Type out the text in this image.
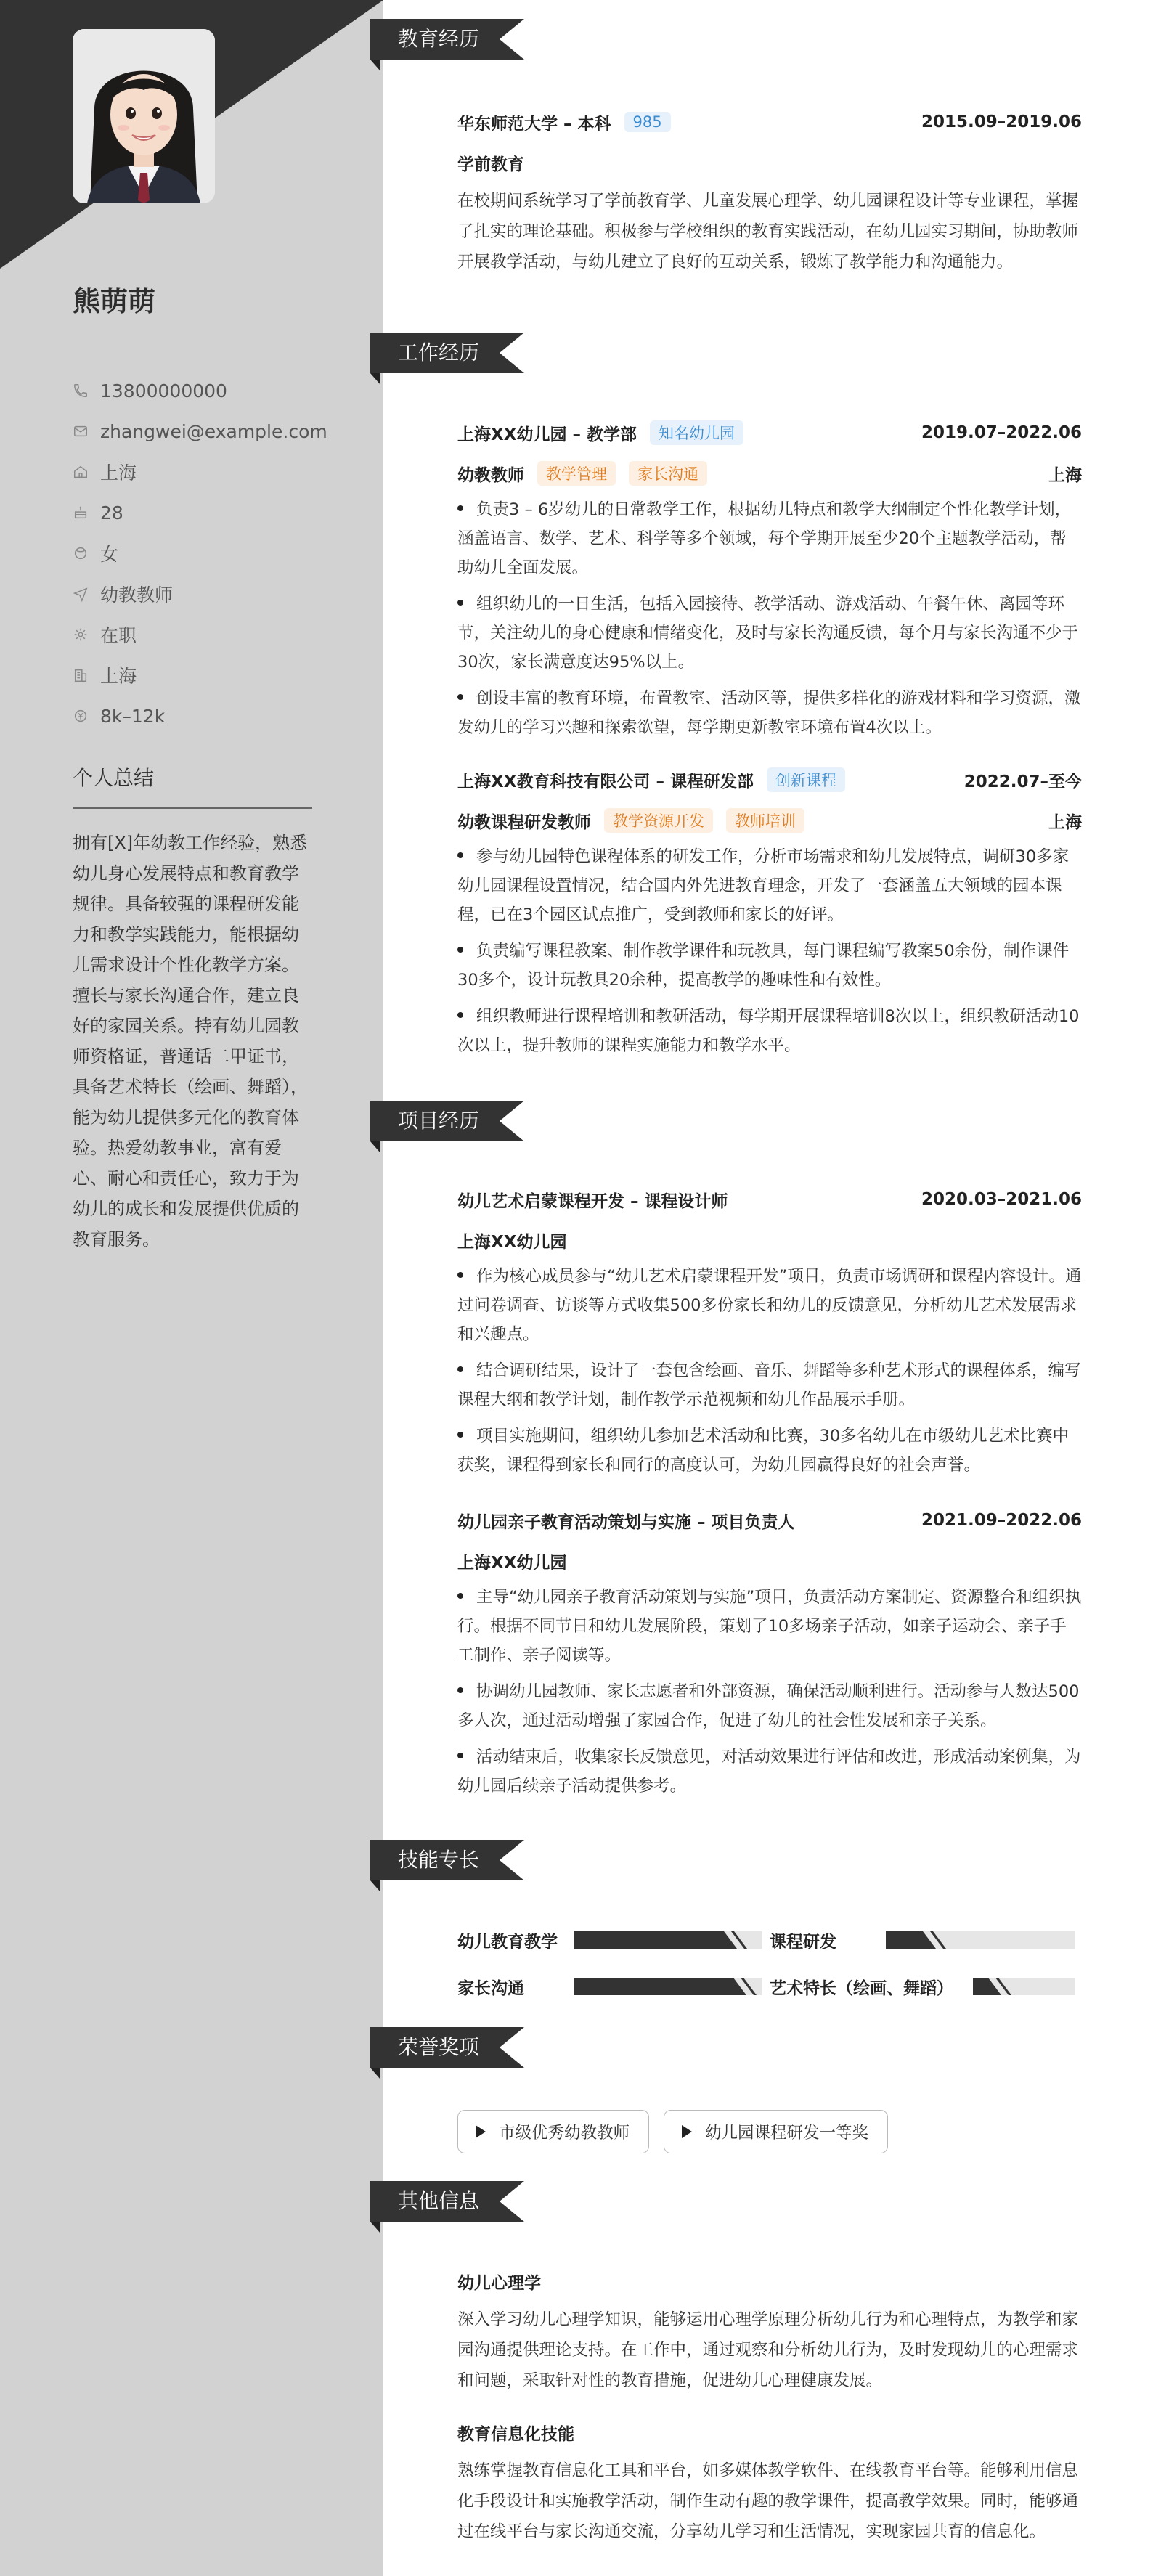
熊萌萌
13800000000
zhangwei@example.com
上海
28
女
幼教教师
在职
上海
8k–12k
个人总结
拥有[X]年幼教工作经验，熟悉幼儿身心发展特点和教育教学规律。具备较强的课程研发能力和教学实践能力，能根据幼儿需求设计个性化教学方案。擅长与家长沟通合作，建立良好的家园关系。持有幼儿园教师资格证，普通话二甲证书，具备艺术特长（绘画、舞蹈），能为幼儿提供多元化的教育体验。热爱幼教事业，富有爱心、耐心和责任心，致力于为幼儿的成长和发展提供优质的教育服务。
教育经历
工作经历
项目经历
技能专长
荣誉奖项
其他信息
华东师范大学 – 本科	985	2015.09–2019.06
学前教育
在校期间系统学习了学前教育学、儿童发展心理学、幼儿园课程设计等专业课程，掌握了扎实的理论基础。积极参与学校组织的教育实践活动，在幼儿园实习期间，协助教师开展教学活动，与幼儿建立了良好的互动关系，锻炼了教学能力和沟通能力。
上海XX幼儿园 – 教学部	知名幼儿园	2019.07–2022.06
幼教教师	教学管理	家长沟通	上海
负责3 – 6岁幼儿的日常教学工作，根据幼儿特点和教学大纲制定个性化教学计划，涵盖语言、数学、艺术、科学等多个领域，每个学期开展至少20个主题教学活动，帮助幼儿全面发展。
组织幼儿的一日生活，包括入园接待、教学活动、游戏活动、午餐午休、离园等环节，关注幼儿的身心健康和情绪变化，及时与家长沟通反馈，每个月与家长沟通不少于30次，家长满意度达95%以上。
创设丰富的教育环境，布置教室、活动区等，提供多样化的游戏材料和学习资源，激发幼儿的学习兴趣和探索欲望，每学期更新教室环境布置4次以上。
上海XX教育科技有限公司 – 课程研发部	创新课程	2022.07–至今
幼教课程研发教师	教学资源开发	教师培训	上海
参与幼儿园特色课程体系的研发工作，分析市场需求和幼儿发展特点，调研30多家幼儿园课程设置情况，结合国内外先进教育理念，开发了一套涵盖五大领域的园本课程，已在3个园区试点推广，受到教师和家长的好评。
负责编写课程教案、制作教学课件和玩教具，每门课程编写教案50余份，制作课件30多个，设计玩教具20余种，提高教学的趣味性和有效性。
组织教师进行课程培训和教研活动，每学期开展课程培训8次以上，组织教研活动10次以上，提升教师的课程实施能力和教学水平。
幼儿艺术启蒙课程开发 – 课程设计师	2020.03–2021.06
上海XX幼儿园
作为核心成员参与“幼儿艺术启蒙课程开发”项目，负责市场调研和课程内容设计。通过问卷调查、访谈等方式收集500多份家长和幼儿的反馈意见，分析幼儿艺术发展需求和兴趣点。
结合调研结果，设计了一套包含绘画、音乐、舞蹈等多种艺术形式的课程体系，编写课程大纲和教学计划，制作教学示范视频和幼儿作品展示手册。
项目实施期间，组织幼儿参加艺术活动和比赛，30多名幼儿在市级幼儿艺术比赛中获奖，课程得到家长和同行的高度认可，为幼儿园赢得良好的社会声誉。
幼儿园亲子教育活动策划与实施 – 项目负责人	2021.09–2022.06
上海XX幼儿园
主导“幼儿园亲子教育活动策划与实施”项目，负责活动方案制定、资源整合和组织执行。根据不同节日和幼儿发展阶段，策划了10多场亲子活动，如亲子运动会、亲子手工制作、亲子阅读等。
协调幼儿园教师、家长志愿者和外部资源，确保活动顺利进行。活动参与人数达500多人次，通过活动增强了家园合作，促进了幼儿的社会性发展和亲子关系。
活动结束后，收集家长反馈意见，对活动效果进行评估和改进，形成活动案例集，为幼儿园后续亲子活动提供参考。
幼儿教育教学	课程研发
家长沟通	艺术特长（绘画、舞蹈）
市级优秀幼教教师	幼儿园课程研发一等奖
幼儿心理学
深入学习幼儿心理学知识，能够运用心理学原理分析幼儿行为和心理特点，为教学和家园沟通提供理论支持。在工作中，通过观察和分析幼儿行为，及时发现幼儿的心理需求和问题，采取针对性的教育措施，促进幼儿心理健康发展。
教育信息化技能
熟练掌握教育信息化工具和平台，如多媒体教学软件、在线教育平台等。能够利用信息化手段设计和实施教学活动，制作生动有趣的教学课件，提高教学效果。同时，能够通过在线平台与家长沟通交流，分享幼儿学习和生活情况，实现家园共育的信息化。
